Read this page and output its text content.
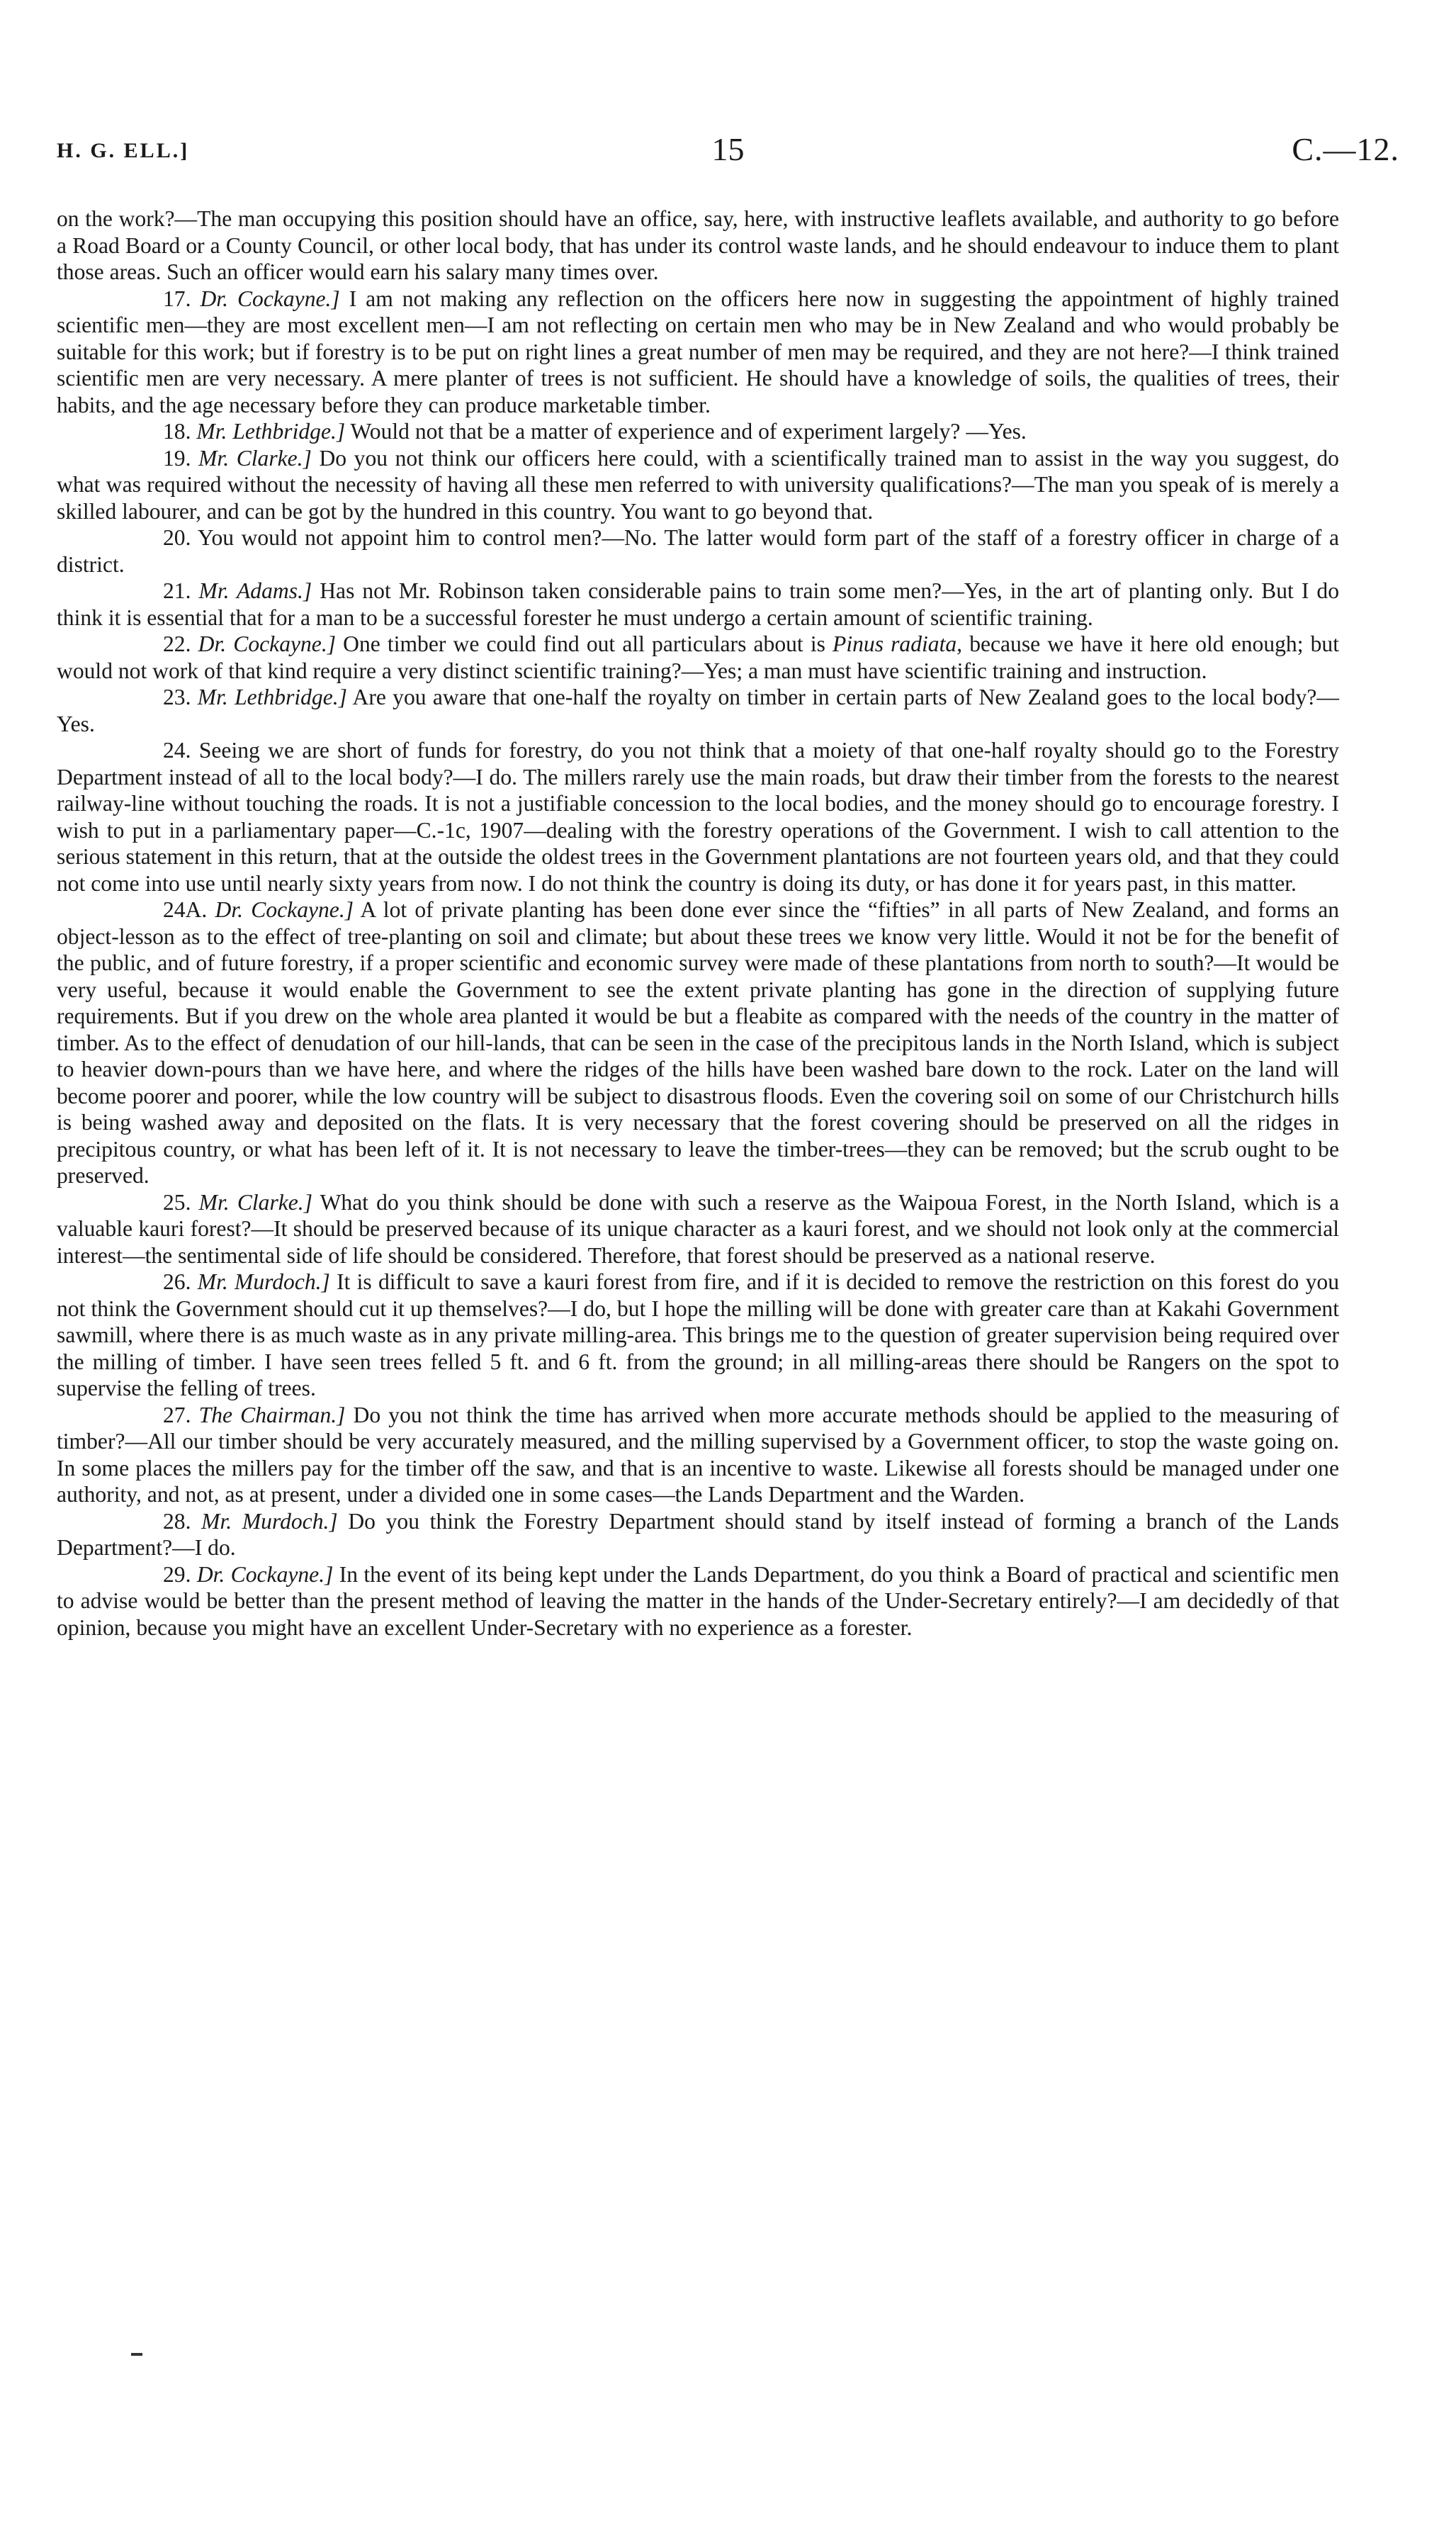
H. G. ELL.]	15	C.—12.

on the work?—The man occupying this position should have an office, say, here, with instructive leaflets available, and authority to go before a Road Board or a County Council, or other local body, that has under its control waste lands, and he should endeavour to induce them to plant those areas. Such an officer would earn his salary many times over.

17. Dr. Cockayne.] I am not making any reflection on the officers here now in suggesting the appointment of highly trained scientific men—they are most excellent men—I am not reflecting on certain men who may be in New Zealand and who would probably be suitable for this work; but if forestry is to be put on right lines a great number of men may be required, and they are not here?—I think trained scientific men are very necessary. A mere planter of trees is not sufficient. He should have a knowledge of soils, the qualities of trees, their habits, and the age necessary before they can produce marketable timber.

18. Mr. Lethbridge.] Would not that be a matter of experience and of experiment largely? —Yes.

19. Mr. Clarke.] Do you not think our officers here could, with a scientifically trained man to assist in the way you suggest, do what was required without the necessity of having all these men referred to with university qualifications?—The man you speak of is merely a skilled labourer, and can be got by the hundred in this country. You want to go beyond that.

20. You would not appoint him to control men?—No. The latter would form part of the staff of a forestry officer in charge of a district.

21. Mr. Adams.] Has not Mr. Robinson taken considerable pains to train some men?—Yes, in the art of planting only. But I do think it is essential that for a man to be a successful forester he must undergo a certain amount of scientific training.

22. Dr. Cockayne.] One timber we could find out all particulars about is Pinus radiata, because we have it here old enough; but would not work of that kind require a very distinct scientific training?—Yes; a man must have scientific training and instruction.

23. Mr. Lethbridge.] Are you aware that one-half the royalty on timber in certain parts of New Zealand goes to the local body?—Yes.

24. Seeing we are short of funds for forestry, do you not think that a moiety of that one-half royalty should go to the Forestry Department instead of all to the local body?—I do. The millers rarely use the main roads, but draw their timber from the forests to the nearest railway-line without touching the roads. It is not a justifiable concession to the local bodies, and the money should go to encourage forestry. I wish to put in a parliamentary paper—C.-1c, 1907—dealing with the forestry operations of the Government. I wish to call attention to the serious statement in this return, that at the outside the oldest trees in the Government plantations are not fourteen years old, and that they could not come into use until nearly sixty years from now. I do not think the country is doing its duty, or has done it for years past, in this matter.

24A. Dr. Cockayne.] A lot of private planting has been done ever since the “fifties” in all parts of New Zealand, and forms an object-lesson as to the effect of tree-planting on soil and climate; but about these trees we know very little. Would it not be for the benefit of the public, and of future forestry, if a proper scientific and economic survey were made of these plantations from north to south?—It would be very useful, because it would enable the Government to see the extent private planting has gone in the direction of supplying future requirements. But if you drew on the whole area planted it would be but a fleabite as compared with the needs of the country in the matter of timber. As to the effect of denudation of our hill-lands, that can be seen in the case of the precipitous lands in the North Island, which is subject to heavier down-pours than we have here, and where the ridges of the hills have been washed bare down to the rock. Later on the land will become poorer and poorer, while the low country will be subject to disastrous floods. Even the covering soil on some of our Christchurch hills is being washed away and deposited on the flats. It is very necessary that the forest covering should be preserved on all the ridges in precipitous country, or what has been left of it. It is not necessary to leave the timber-trees—they can be removed; but the scrub ought to be preserved.

25. Mr. Clarke.] What do you think should be done with such a reserve as the Waipoua Forest, in the North Island, which is a valuable kauri forest?—It should be preserved because of its unique character as a kauri forest, and we should not look only at the commercial interest—the sentimental side of life should be considered. Therefore, that forest should be preserved as a national reserve.

26. Mr. Murdoch.] It is difficult to save a kauri forest from fire, and if it is decided to remove the restriction on this forest do you not think the Government should cut it up themselves?—I do, but I hope the milling will be done with greater care than at Kakahi Government sawmill, where there is as much waste as in any private milling-area. This brings me to the question of greater supervision being required over the milling of timber. I have seen trees felled 5 ft. and 6 ft. from the ground; in all milling-areas there should be Rangers on the spot to supervise the felling of trees.

27. The Chairman.] Do you not think the time has arrived when more accurate methods should be applied to the measuring of timber?—All our timber should be very accurately measured, and the milling supervised by a Government officer, to stop the waste going on. In some places the millers pay for the timber off the saw, and that is an incentive to waste. Likewise all forests should be managed under one authority, and not, as at present, under a divided one in some cases—the Lands Department and the Warden.

28. Mr. Murdoch.] Do you think the Forestry Department should stand by itself instead of forming a branch of the Lands Department?—I do.

29. Dr. Cockayne.] In the event of its being kept under the Lands Department, do you think a Board of practical and scientific men to advise would be better than the present method of leaving the matter in the hands of the Under-Secretary entirely?—I am decidedly of that opinion, because you might have an excellent Under-Secretary with no experience as a forester.
